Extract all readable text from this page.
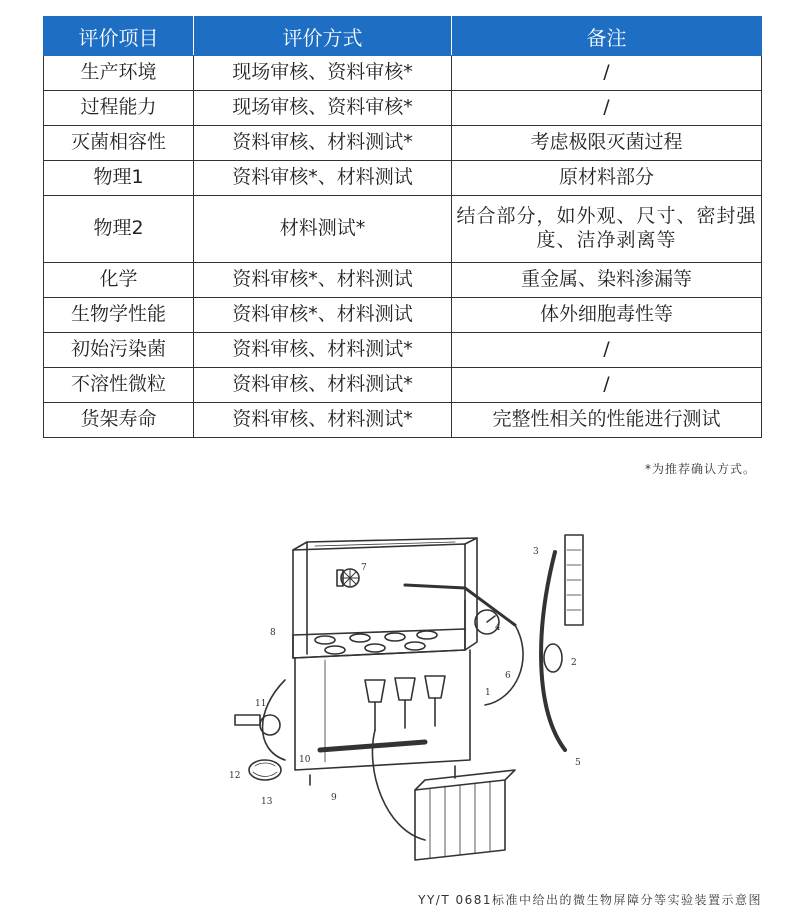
评价项目	评价方式	备注
生产环境	现场审核、资料审核*	/
过程能力	现场审核、资料审核*	/
灭菌相容性	资料审核、材料测试*	考虑极限灭菌过程
物理1	资料审核*、材料测试	原材料部分
物理2	材料测试*	结合部分，如外观、尺寸、密封强度、洁净剥离等
化学	资料审核*、材料测试	重金属、染料渗漏等
生物学性能	资料审核*、材料测试	体外细胞毒性等
初始污染菌	资料审核、材料测试*	/
不溶性微粒	资料审核、材料测试*	/
货架寿命	资料审核、材料测试*	完整性相关的性能进行测试
*为推荐确认方式。
1
2
3
4
5
6
7
8
9
10
11
12
13
YY/T 0681标准中给出的微生物屏障分等实验装置示意图
